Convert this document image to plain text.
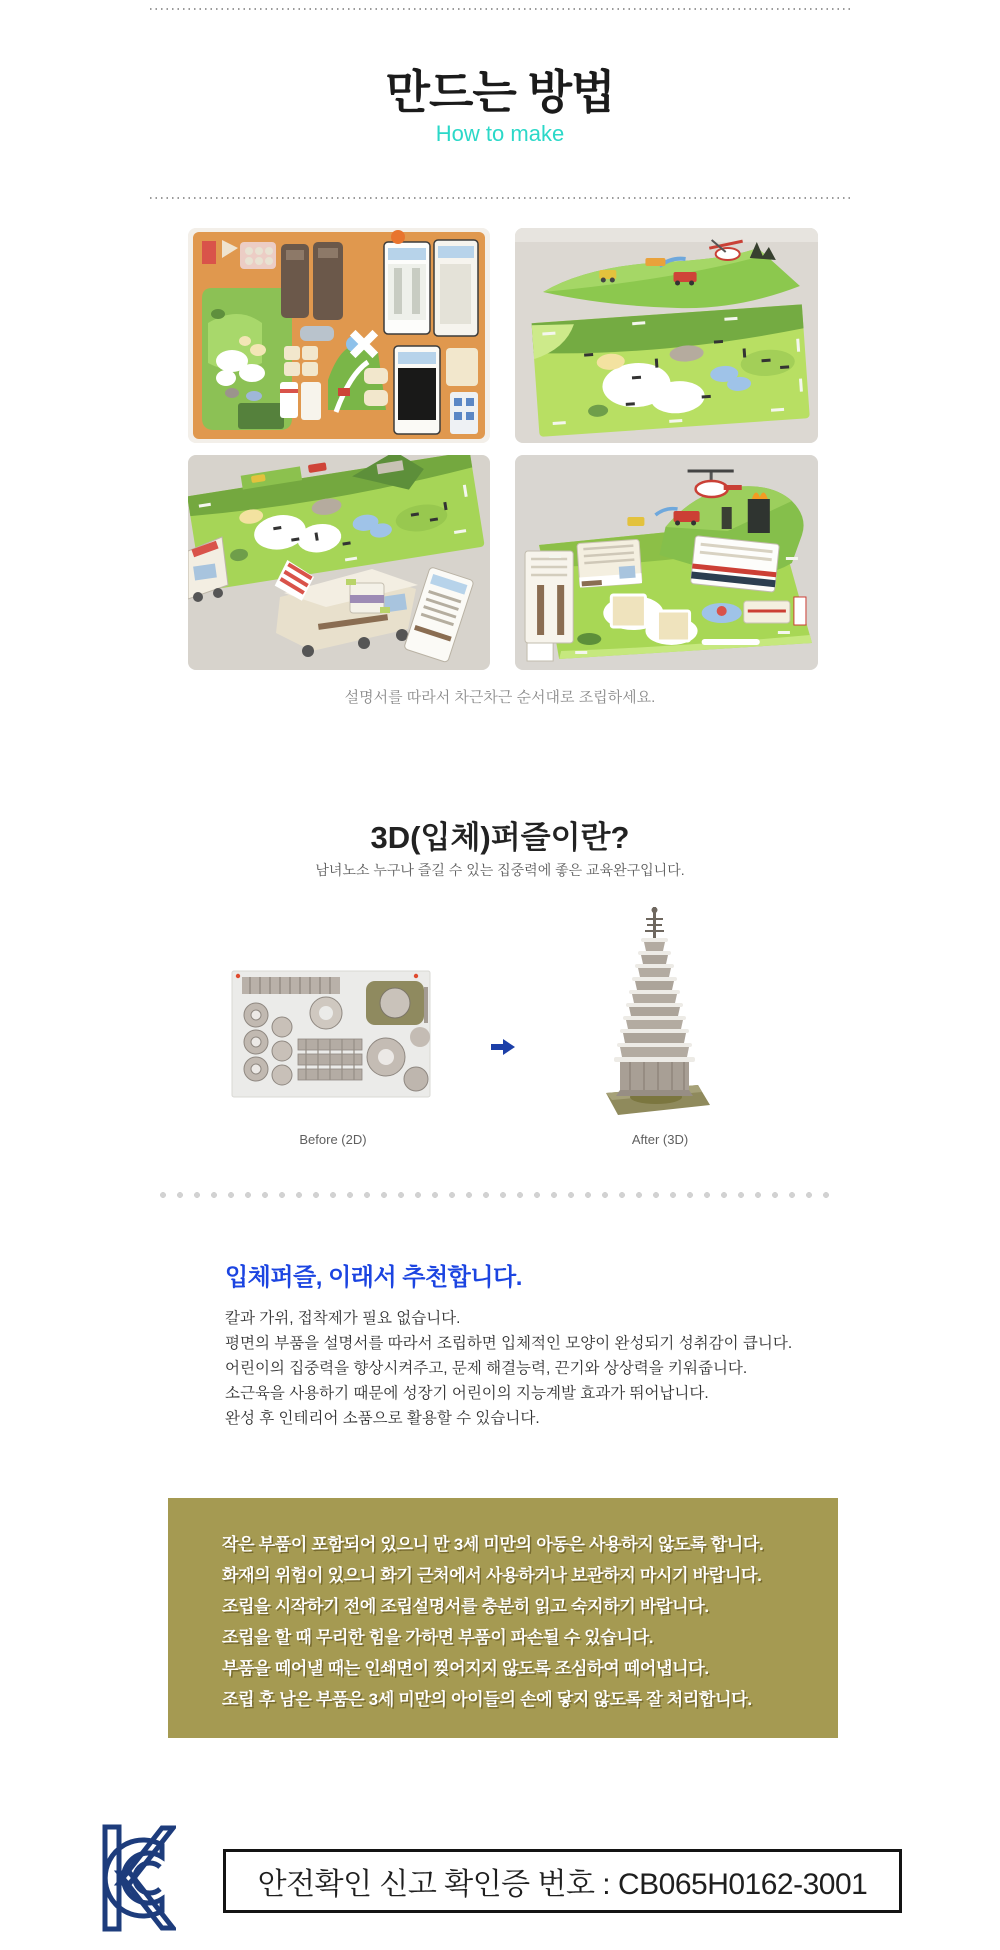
만드는 방법
How to make
설명서를 따라서 차근차근 순서대로 조립하세요.
3D(입체)퍼즐이란?
남녀노소 누구나 즐길 수 있는 집중력에 좋은 교육완구입니다.
Before (2D)	After (3D)
입체퍼즐, 이래서 추천합니다.
칼과 가위, 접착제가 필요 없습니다.
평면의 부품을 설명서를 따라서 조립하면 입체적인 모양이 완성되기 성취감이 큽니다.
어린이의 집중력을 향상시켜주고, 문제 해결능력, 끈기와 상상력을 키워줍니다.
소근육을 사용하기 때문에 성장기 어린이의 지능계발 효과가 뛰어납니다.
완성 후 인테리어 소품으로 활용할 수 있습니다.
작은 부품이 포함되어 있으니 만 3세 미만의 아동은 사용하지 않도록 합니다.
화재의 위험이 있으니 화기 근처에서 사용하거나 보관하지 마시기 바랍니다.
조립을 시작하기 전에 조립설명서를 충분히 읽고 숙지하기 바랍니다.
조립을 할 때 무리한 힘을 가하면 부품이 파손될 수 있습니다.
부품을 떼어낼 때는 인쇄면이 찢어지지 않도록 조심하여 떼어냅니다.
조립 후 남은 부품은 3세 미만의 아이들의 손에 닿지 않도록 잘 처리합니다.
안전확인 신고 확인증 번호 : CB065H0162-3001
